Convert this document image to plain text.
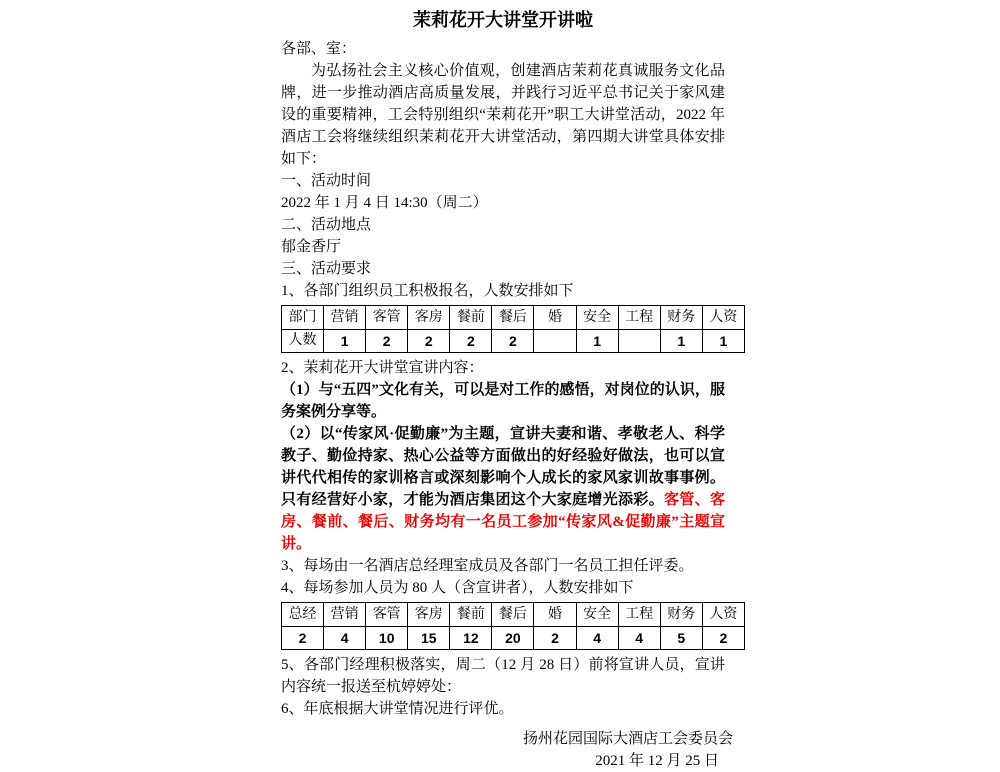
茉莉花开大讲堂开讲啦

各部、室：

为弘扬社会主义核心价值观，创建酒店茉莉花真诚服务文化品牌，进一步推动酒店高质量发展，并践行习近平总书记关于家风建设的重要精神，工会特别组织“茉莉花开”职工大讲堂活动，2022 年酒店工会将继续组织茉莉花开大讲堂活动，第四期大讲堂具体安排如下：

一、活动时间

2022 年 1 月 4 日 14:30（周二）

二、活动地点

郁金香厅

三、活动要求

1、各部门组织员工积极报名，人数安排如下

部门	营销	客管	客房	餐前	餐后	婚	安全	工程	财务	人资
人数	1	2	2	2	2		1		1	1

2、茉莉花开大讲堂宣讲内容：

（1）与“五四”文化有关，可以是对工作的感悟，对岗位的认识，服务案例分享等。

（2）以“传家风·促勤廉”为主题，宣讲夫妻和谐、孝敬老人、科学教子、勤俭持家、热心公益等方面做出的好经验好做法，也可以宣讲代代相传的家训格言或深刻影响个人成长的家风家训故事事例。只有经营好小家，才能为酒店集团这个大家庭增光添彩。客管、客房、餐前、餐后、财务均有一名员工参加“传家风&促勤廉”主题宣讲。

3、每场由一名酒店总经理室成员及各部门一名员工担任评委。

4、每场参加人员为 80 人（含宣讲者），人数安排如下

总经	营销	客管	客房	餐前	餐后	婚	安全	工程	财务	人资
2	4	10	15	12	20	2	4	4	5	2

5、各部门经理积极落实，周二（12 月 28 日）前将宣讲人员，宣讲内容统一报送至杭婷婷处：

6、年底根据大讲堂情况进行评优。

扬州花园国际大酒店工会委员会

2021 年 12 月 25 日
